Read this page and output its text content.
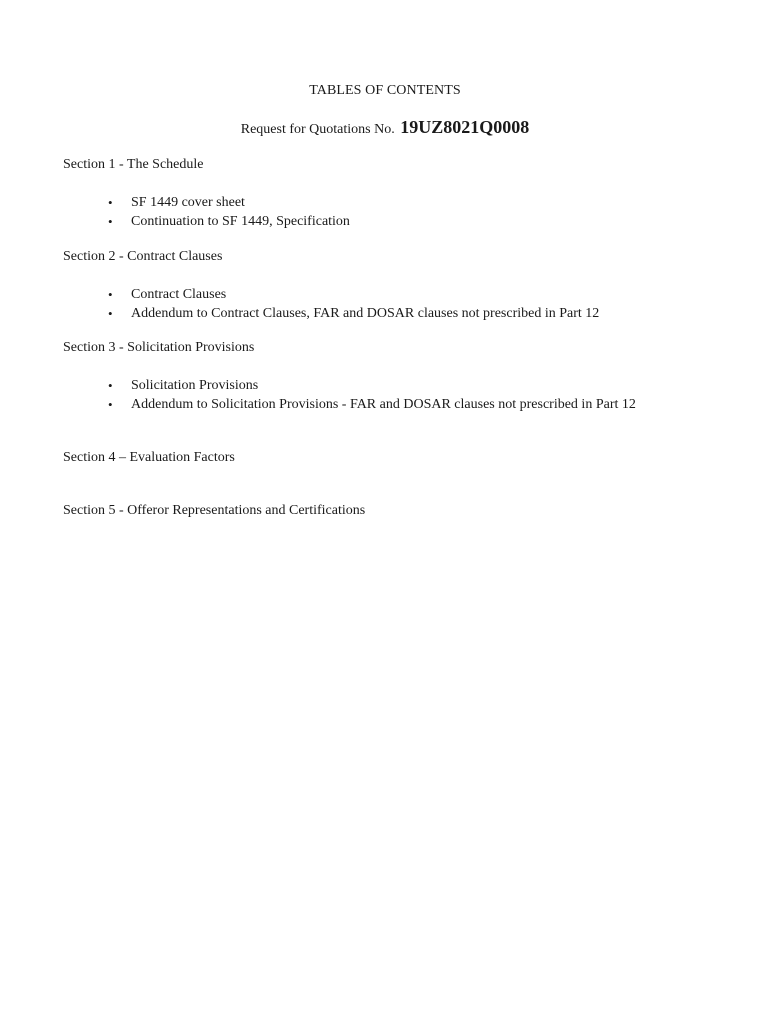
TABLES OF CONTENTS
Request for Quotations No. 19UZ8021Q0008
Section 1 - The Schedule
• SF 1449 cover sheet
• Continuation to SF 1449, Specification
Section 2 - Contract Clauses
• Contract Clauses
• Addendum to Contract Clauses, FAR and DOSAR clauses not prescribed in Part 12
Section 3 - Solicitation Provisions
• Solicitation Provisions
• Addendum to Solicitation Provisions - FAR and DOSAR clauses not prescribed in Part 12
Section 4 – Evaluation Factors
Section 5 - Offeror Representations and Certifications
